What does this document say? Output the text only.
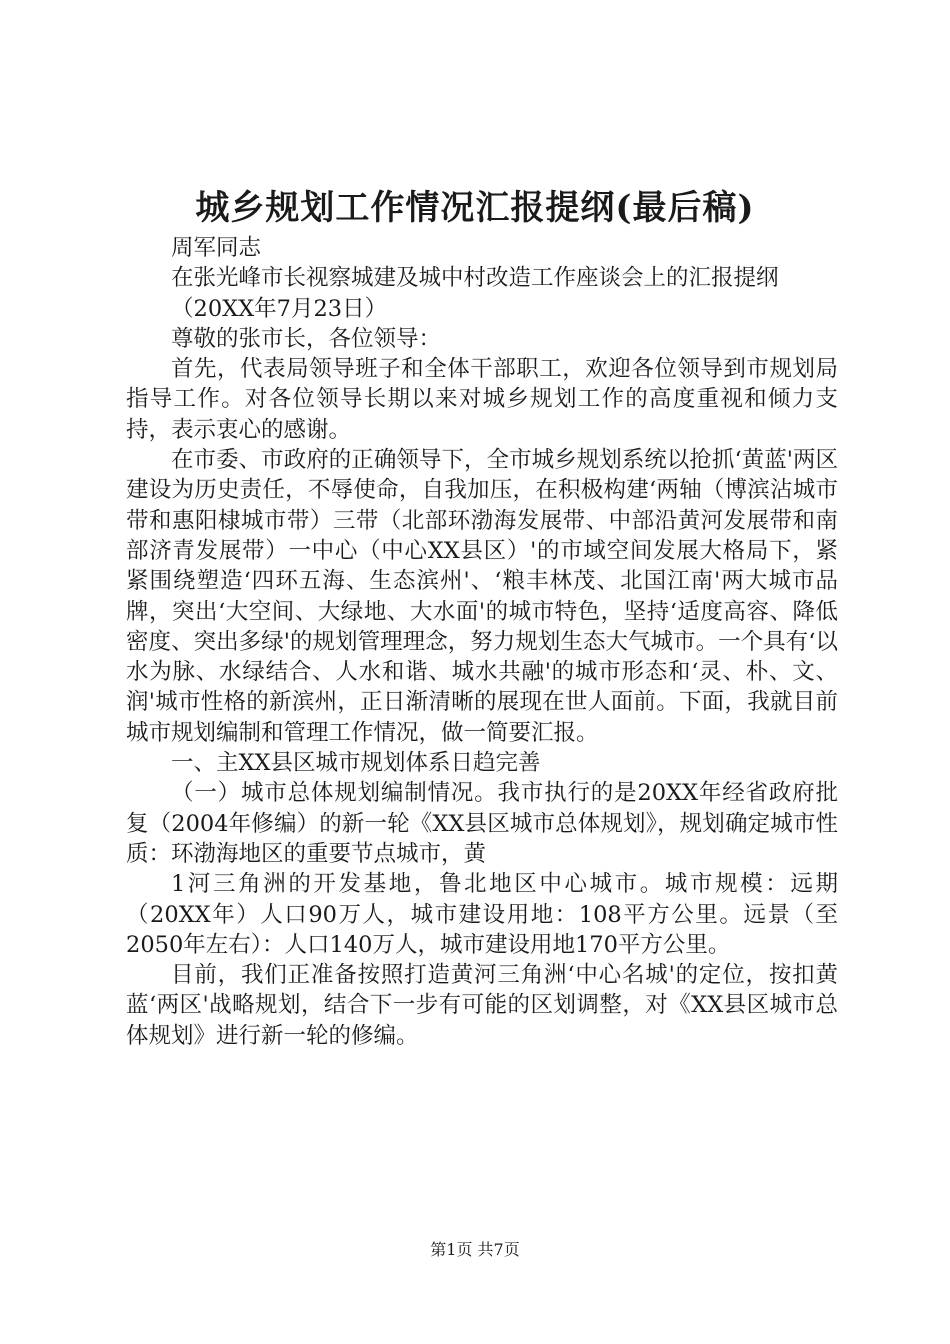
城乡规划工作情况汇报提纲(最后稿)

周军同志

在张光峰市长视察城建及城中村改造工作座谈会上的汇报提纲

（20XX年7月23日）

尊敬的张市长，各位领导：

首先，代表局领导班子和全体干部职工，欢迎各位领导到市规划局指导工作。对各位领导长期以来对城乡规划工作的高度重视和倾力支持，表示衷心的感谢。

在市委、市政府的正确领导下，全市城乡规划系统以抢抓‘黄蓝'两区建设为历史责任，不辱使命，自我加压，在积极构建‘两轴（博滨沾城市带和惠阳棣城市带）三带（北部环渤海发展带、中部沿黄河发展带和南部济青发展带）一中心（中心XX县区）'的市域空间发展大格局下，紧紧围绕塑造‘四环五海、生态滨州'、‘粮丰林茂、北国江南'两大城市品牌，突出‘大空间、大绿地、大水面'的城市特色，坚持‘适度高容、降低密度、突出多绿'的规划管理理念，努力规划生态大气城市。一个具有‘以水为脉、水绿结合、人水和谐、城水共融'的城市形态和‘灵、朴、文、润'城市性格的新滨州，正日渐清晰的展现在世人面前。下面，我就目前城市规划编制和管理工作情况，做一简要汇报。

一、主XX县区城市规划体系日趋完善

（一）城市总体规划编制情况。我市执行的是20XX年经省政府批复（2004年修编）的新一轮《XX县区城市总体规划》，规划确定城市性质：环渤海地区的重要节点城市，黄

1河三角洲的开发基地，鲁北地区中心城市。城市规模：远期（20XX年）人口90万人，城市建设用地：108平方公里。远景（至2050年左右）：人口140万人，城市建设用地170平方公里。

目前，我们正准备按照打造黄河三角洲‘中心名城'的定位，按扣黄蓝‘两区'战略规划，结合下一步有可能的区划调整，对《XX县区城市总体规划》进行新一轮的修编。

第1页 共7页
